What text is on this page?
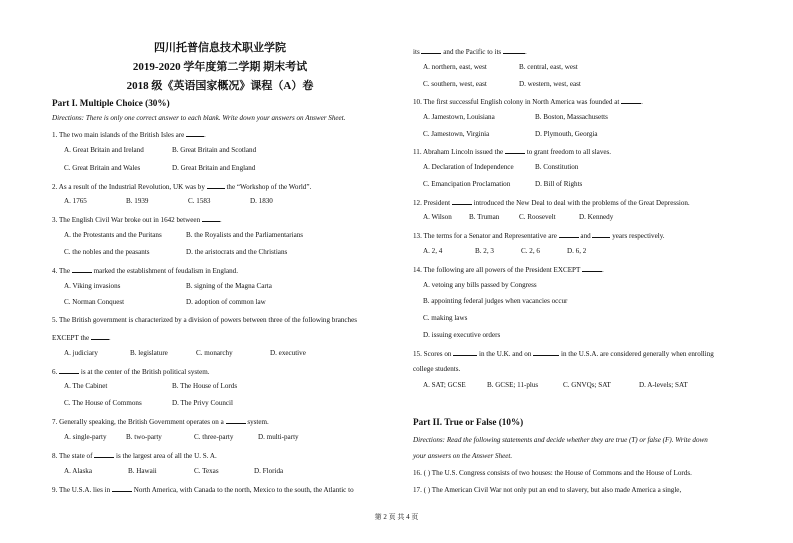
四川托普信息技术职业学院
2019-2020 学年度第二学期 期末考试
2018 级《英语国家概况》课程（A）卷
Part I. Multiple Choice (30%)
Directions: There is only one correct answer to each blank. Write down your answers on Answer Sheet.
1. The two main islands of the British Isles are	.
A. Great Britain and Ireland	B. Great Britain and Scotland
C. Great Britain and Wales	D. Great Britain and England
2. As a result of the Industrial Revolution, UK was by	the “Workshop of the World”.
A. 1765	B. 1939	C. 1583	D. 1830
3. The English Civil War broke out in 1642 between	.
A. the Protestants and the Puritans	B. the Royalists and the Parliamentarians
C. the nobles and the peasants	D. the aristocrats and the Christians
4. The	marked the establishment of feudalism in England.
A. Viking invasions	B. signing of the Magna Carta
C. Norman Conquest	D. adoption of common law
5. The British government is characterized by a division of powers between three of the following branches
EXCEPT the	.
A. judiciary	B. legislature	C. monarchy	D. executive
6.	is at the center of the British political system.
A. The Cabinet	B. The House of Lords
C. The House of Commons	D. The Privy Council
7. Generally speaking, the British Government operates on a	system.
A. single-party	B. two-party	C. three-party	D. multi-party
8. The state of	is the largest area of all the U. S. A.
A. Alaska	B. Hawaii	C. Texas	D. Florida
9. The U.S.A. lies in	North America, with Canada to the north, Mexico to the south, the Atlantic to
its	and the Pacific to its	.
A. northern, east, west	B. central, east, west
C. southern, west, east	D. western, west, east
10. The first successful English colony in North America was founded at	.
A. Jamestown, Louisiana	B. Boston, Massachusetts
C. Jamestown, Virginia	D. Plymouth, Georgia
11. Abraham Lincoln issued the	to grant freedom to all slaves.
A. Declaration of Independence	B. Constitution
C. Emancipation Proclamation	D. Bill of Rights
12. President	introduced the New Deal to deal with the problems of the Great Depression.
A. Wilson B. Truman	C. Roosevelt	D. Kennedy
13. The terms for a Senator and Representative are	and	years respectively.
A. 2, 4	B. 2, 3	C. 2, 6	D. 6, 2
14. The following are all powers of the President EXCEPT	.
A. vetoing any bills passed by Congress
B. appointing federal judges when vacancies occur
C. making laws
D. issuing executive orders
15. Scores on	in the U.K. and on	in the U.S.A. are considered generally when enrolling
college students.
A. SAT; GCSE	B. GCSE; 11-plus	C. GNVQs; SAT	D. A-levels; SAT
Part II. True or False (10%)
Directions: Read the following statements and decide whether they are true (T) or false (F). Write down
your answers on the Answer Sheet.
16. ( ) The U.S. Congress consists of two houses: the House of Commons and the House of Lords.
17. ( ) The American Civil War not only put an end to slavery, but also made America a single,
第 2 页 共 4 页
